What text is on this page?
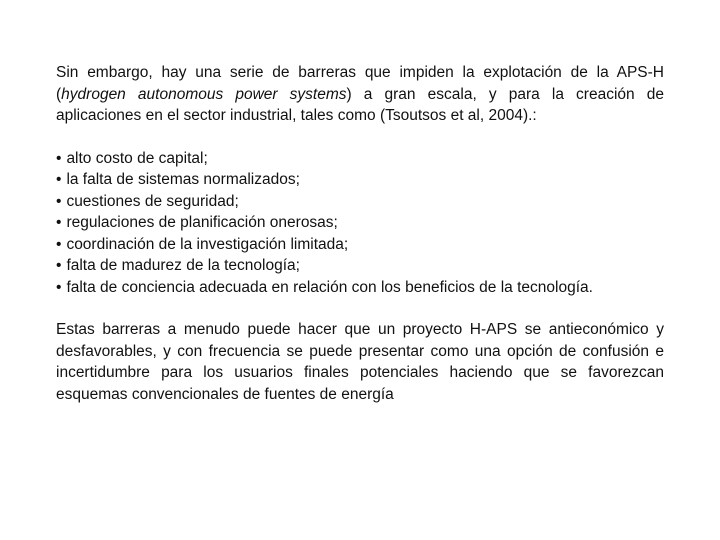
Sin embargo, hay una serie de barreras que impiden la explotación de la APS-H (hydrogen autonomous power systems) a gran escala, y para la creación de aplicaciones en el sector industrial, tales como (Tsoutsos et al, 2004).:

• alto costo de capital;
• la falta de sistemas normalizados;
• cuestiones de seguridad;
• regulaciones de planificación onerosas;
• coordinación de la investigación limitada;
• falta de madurez de la tecnología;
• falta de conciencia adecuada en relación con los beneficios de la tecnología.

Estas barreras a menudo puede hacer que un proyecto H-APS se antieconómico y desfavorables, y con frecuencia se puede presentar como una opción de confusión e incertidumbre para los usuarios finales potenciales haciendo que se favorezcan esquemas convencionales de fuentes de energía
